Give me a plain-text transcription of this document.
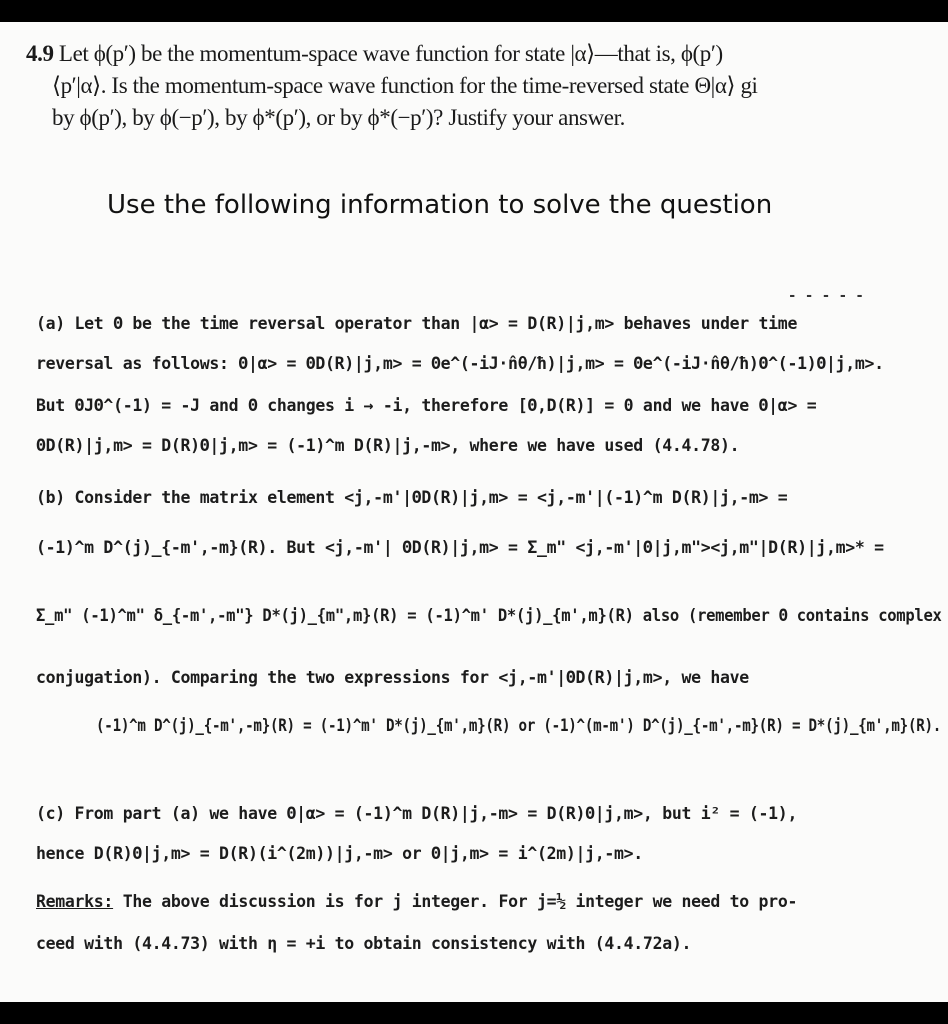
4.9 Let ϕ(p′) be the momentum-space wave function for state |α⟩—that is, ϕ(p′)
⟨p′|α⟩. Is the momentum-space wave function for the time-reversed state Θ|α⟩ gi
by ϕ(p′), by ϕ(−p′), by ϕ*(p′), or by ϕ*(−p′)? Justify your answer.
Use the following information to solve the question
- - - - -
(a) Let Θ be the time reversal operator than |α> = D(R)|j,m> behaves under time
reversal as follows: Θ|α> = ΘD(R)|j,m> = Θe^(-iJ·n̂θ/ħ)|j,m> = Θe^(-iJ·n̂θ/ħ)Θ^(-1)Θ|j,m>.
But ΘJΘ^(-1) = -J and Θ changes i → -i, therefore [Θ,D(R)] = 0 and we have Θ|α> =
ΘD(R)|j,m> = D(R)Θ|j,m> = (-1)^m D(R)|j,-m>, where we have used (4.4.78).
(b) Consider the matrix element <j,-m'|ΘD(R)|j,m> = <j,-m'|(-1)^m D(R)|j,-m> =
(-1)^m D^(j)_{-m',-m}(R). But <j,-m'| ΘD(R)|j,m> = Σ_m" <j,-m'|Θ|j,m"><j,m"|D(R)|j,m>* =
Σ_m" (-1)^m" δ_{-m',-m"} D*(j)_{m",m}(R) = (-1)^m' D*(j)_{m',m}(R) also (remember Θ contains complex
conjugation). Comparing the two expressions for <j,-m'|ΘD(R)|j,m>, we have
(-1)^m D^(j)_{-m',-m}(R) = (-1)^m' D*(j)_{m',m}(R) or (-1)^(m-m') D^(j)_{-m',-m}(R) = D*(j)_{m',m}(R).
(c) From part (a) we have Θ|α> = (-1)^m D(R)|j,-m> = D(R)Θ|j,m>, but i² = (-1),
hence D(R)Θ|j,m> = D(R)(i^(2m))|j,-m> or Θ|j,m> = i^(2m)|j,-m>.
Remarks: The above discussion is for j integer. For j=½ integer we need to pro-
ceed with (4.4.73) with η = +i to obtain consistency with (4.4.72a).
